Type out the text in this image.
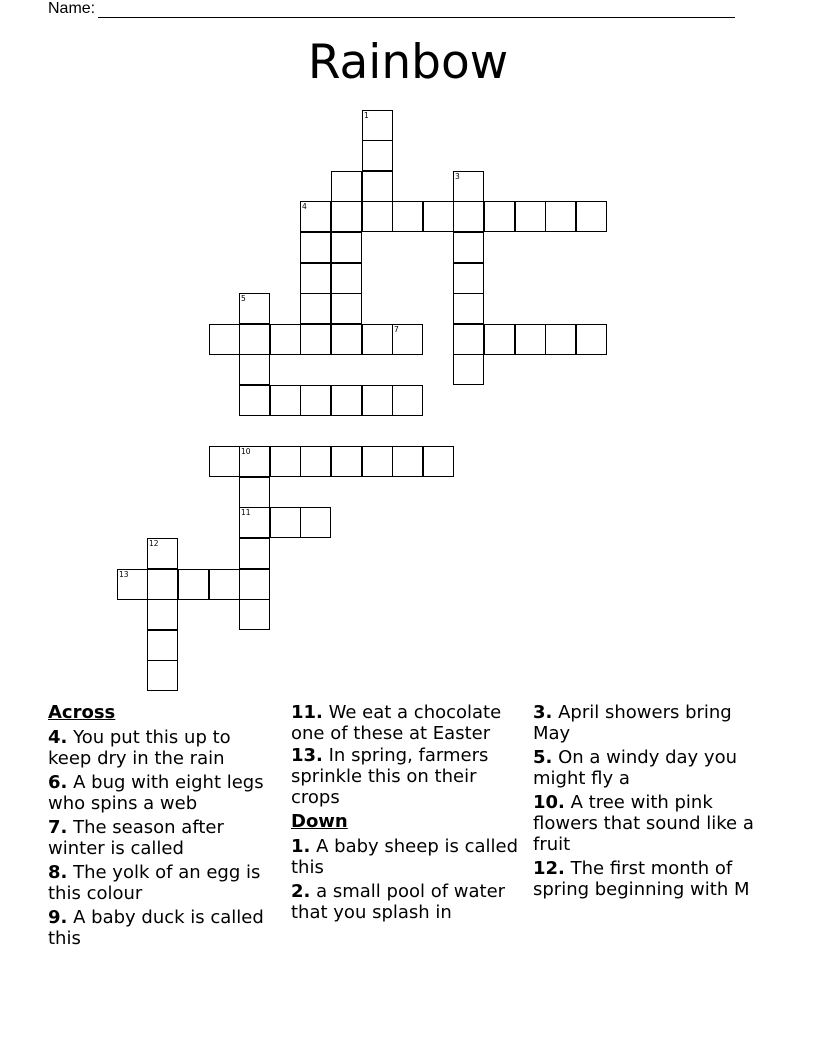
Name:
Rainbow
1
3
4
5
7
10
11
12
13
Across
4. You put this up to keep dry in the rain
6. A bug with eight legs who spins a web
7. The season after winter is called
8. The yolk of an egg is this colour
9. A baby duck is called this
11. We eat a chocolate one of these at Easter
13. In spring, farmers sprinkle this on their crops
Down
1. A baby sheep is called this
2. a small pool of water that you splash in
3. April showers bring May
5. On a windy day you might fly a
10. A tree with pink flowers that sound like a fruit
12. The first month of spring beginning with M
